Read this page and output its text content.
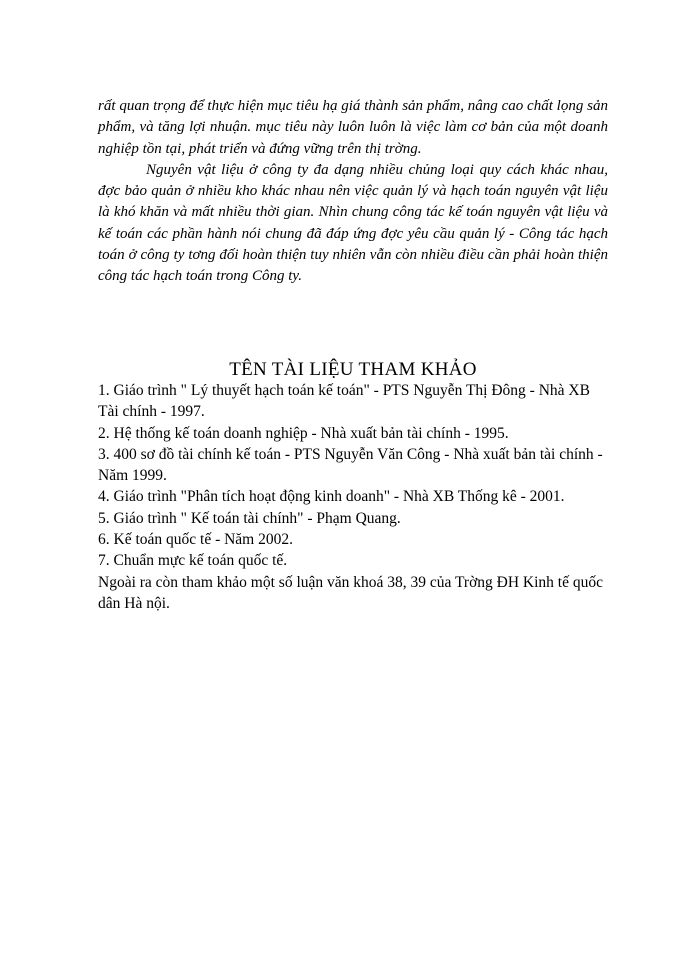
rất quan trọng để thực hiện mục tiêu hạ giá thành sản phẩm, nâng cao chất lọng sản phẩm, và tăng lợi nhuận. mục tiêu này luôn luôn là việc làm cơ bản của một doanh nghiệp tồn tại, phát triển và đứng vững trên thị trờng.

Nguyên vật liệu ở công ty đa dạng nhiều chủng loại quy cách khác nhau, đợc bảo quản ở nhiều kho khác nhau nên việc quản lý và hạch toán nguyên vật liệu là khó khăn và mất nhiều thời gian. Nhìn chung công tác kế toán nguyên vật liệu và kế toán các phần hành nói chung đã đáp ứng đợc yêu cầu quản lý - Công tác hạch toán ở công ty tơng đối hoàn thiện tuy nhiên vẫn còn nhiều điều cần phải hoàn thiện công tác hạch toán trong Công ty.

TÊN TÀI LIỆU THAM KHẢO
1. Giáo trình " Lý thuyết hạch toán kế toán" - PTS Nguyễn Thị Đông - Nhà XB Tài chính - 1997.
2. Hệ thống kế toán doanh nghiệp - Nhà xuất bản tài chính - 1995.
3. 400 sơ đồ tài chính kế toán - PTS Nguyễn Văn Công - Nhà xuất bản tài chính - Năm 1999.
4. Giáo trình "Phân tích hoạt động kinh doanh" - Nhà XB Thống kê - 2001.
5. Giáo trình " Kế toán tài chính" - Phạm Quang.
6. Kế toán quốc tế - Năm 2002.
7. Chuẩn mực kế toán quốc tế.
Ngoài ra còn tham khảo một số luận văn khoá 38, 39 của Trờng ĐH Kinh tế quốc dân Hà nội.
